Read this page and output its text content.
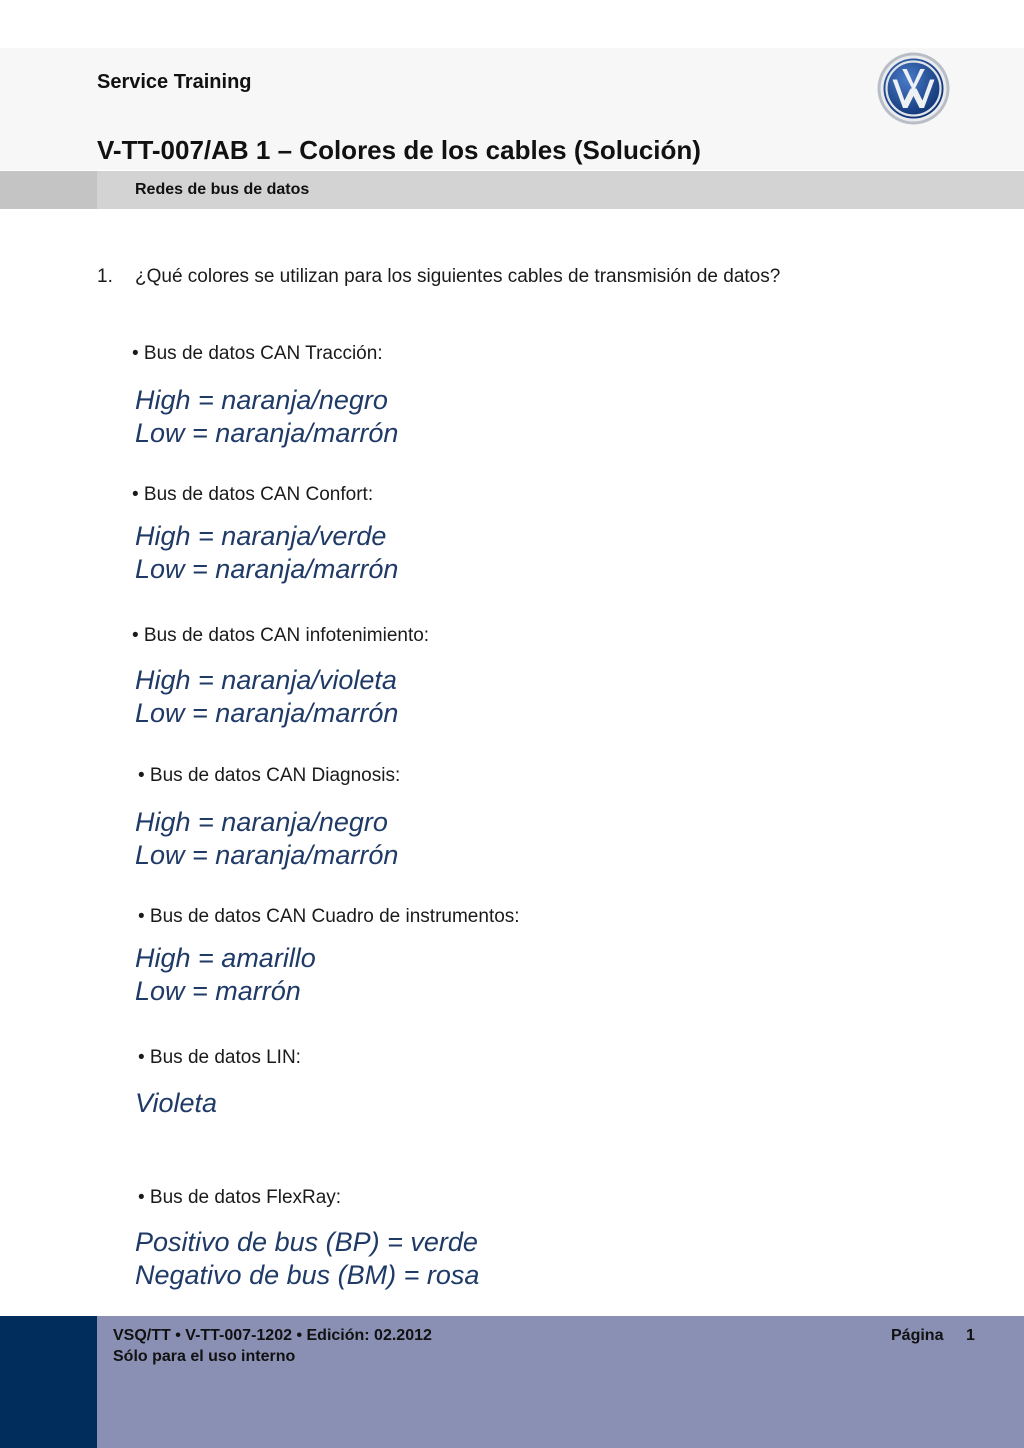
Service Training
V-TT-007/AB 1 – Colores de los cables (Solución)
Redes de bus de datos
1. ¿Qué colores se utilizan para los siguientes cables de transmisión de datos?
• Bus de datos CAN Tracción:
High = naranja/negro
Low = naranja/marrón
• Bus de datos CAN Confort:
High = naranja/verde
Low = naranja/marrón
• Bus de datos CAN infotenimiento:
High = naranja/violeta
Low = naranja/marrón
• Bus de datos CAN Diagnosis:
High = naranja/negro
Low = naranja/marrón
• Bus de datos CAN Cuadro de instrumentos:
High = amarillo
Low = marrón
• Bus de datos LIN:
Violeta
• Bus de datos FlexRay:
Positivo de bus (BP) = verde
Negativo de bus (BM) = rosa
VSQ/TT • V-TT-007-1202 • Edición: 02.2012
Sólo para el uso interno
Página 1
